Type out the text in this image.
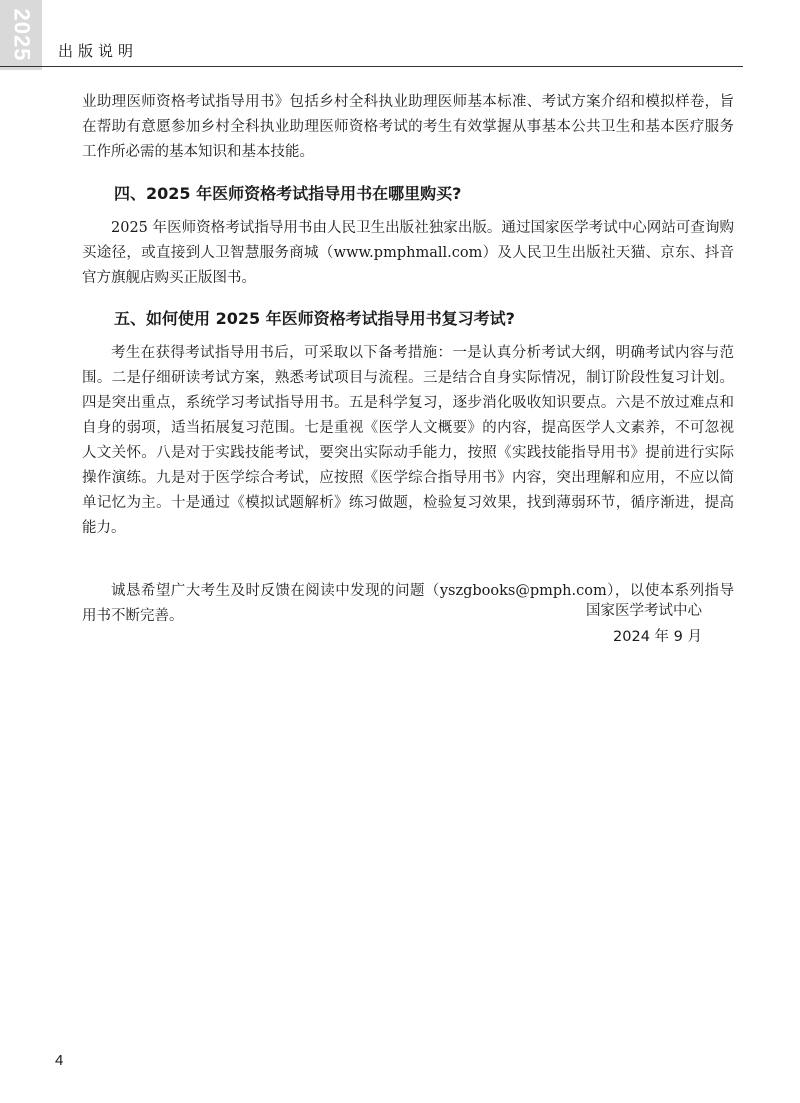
2025 出版说明

业助理医师资格考试指导用书》包括乡村全科执业助理医师基本标准、考试方案介绍和模拟样卷，旨在帮助有意愿参加乡村全科执业助理医师资格考试的考生有效掌握从事基本公共卫生和基本医疗服务工作所必需的基本知识和基本技能。

四、2025 年医师资格考试指导用书在哪里购买?

2025 年医师资格考试指导用书由人民卫生出版社独家出版。通过国家医学考试中心网站可查询购买途径，或直接到人卫智慧服务商城（www.pmphmall.com）及人民卫生出版社天猫、京东、抖音官方旗舰店购买正版图书。

五、如何使用 2025 年医师资格考试指导用书复习考试?

考生在获得考试指导用书后，可采取以下备考措施：一是认真分析考试大纲，明确考试内容与范围。二是仔细研读考试方案，熟悉考试项目与流程。三是结合自身实际情况，制订阶段性复习计划。四是突出重点，系统学习考试指导用书。五是科学复习，逐步消化吸收知识要点。六是不放过难点和自身的弱项，适当拓展复习范围。七是重视《医学人文概要》的内容，提高医学人文素养，不可忽视人文关怀。八是对于实践技能考试，要突出实际动手能力，按照《实践技能指导用书》提前进行实际操作演练。九是对于医学综合考试，应按照《医学综合指导用书》内容，突出理解和应用，不应以简单记忆为主。十是通过《模拟试题解析》练习做题，检验复习效果，找到薄弱环节，循序渐进，提高能力。

诚恳希望广大考生及时反馈在阅读中发现的问题（yszgbooks@pmph.com），以使本系列指导用书不断完善。	国家医学考试中心
2024 年 9 月
4
